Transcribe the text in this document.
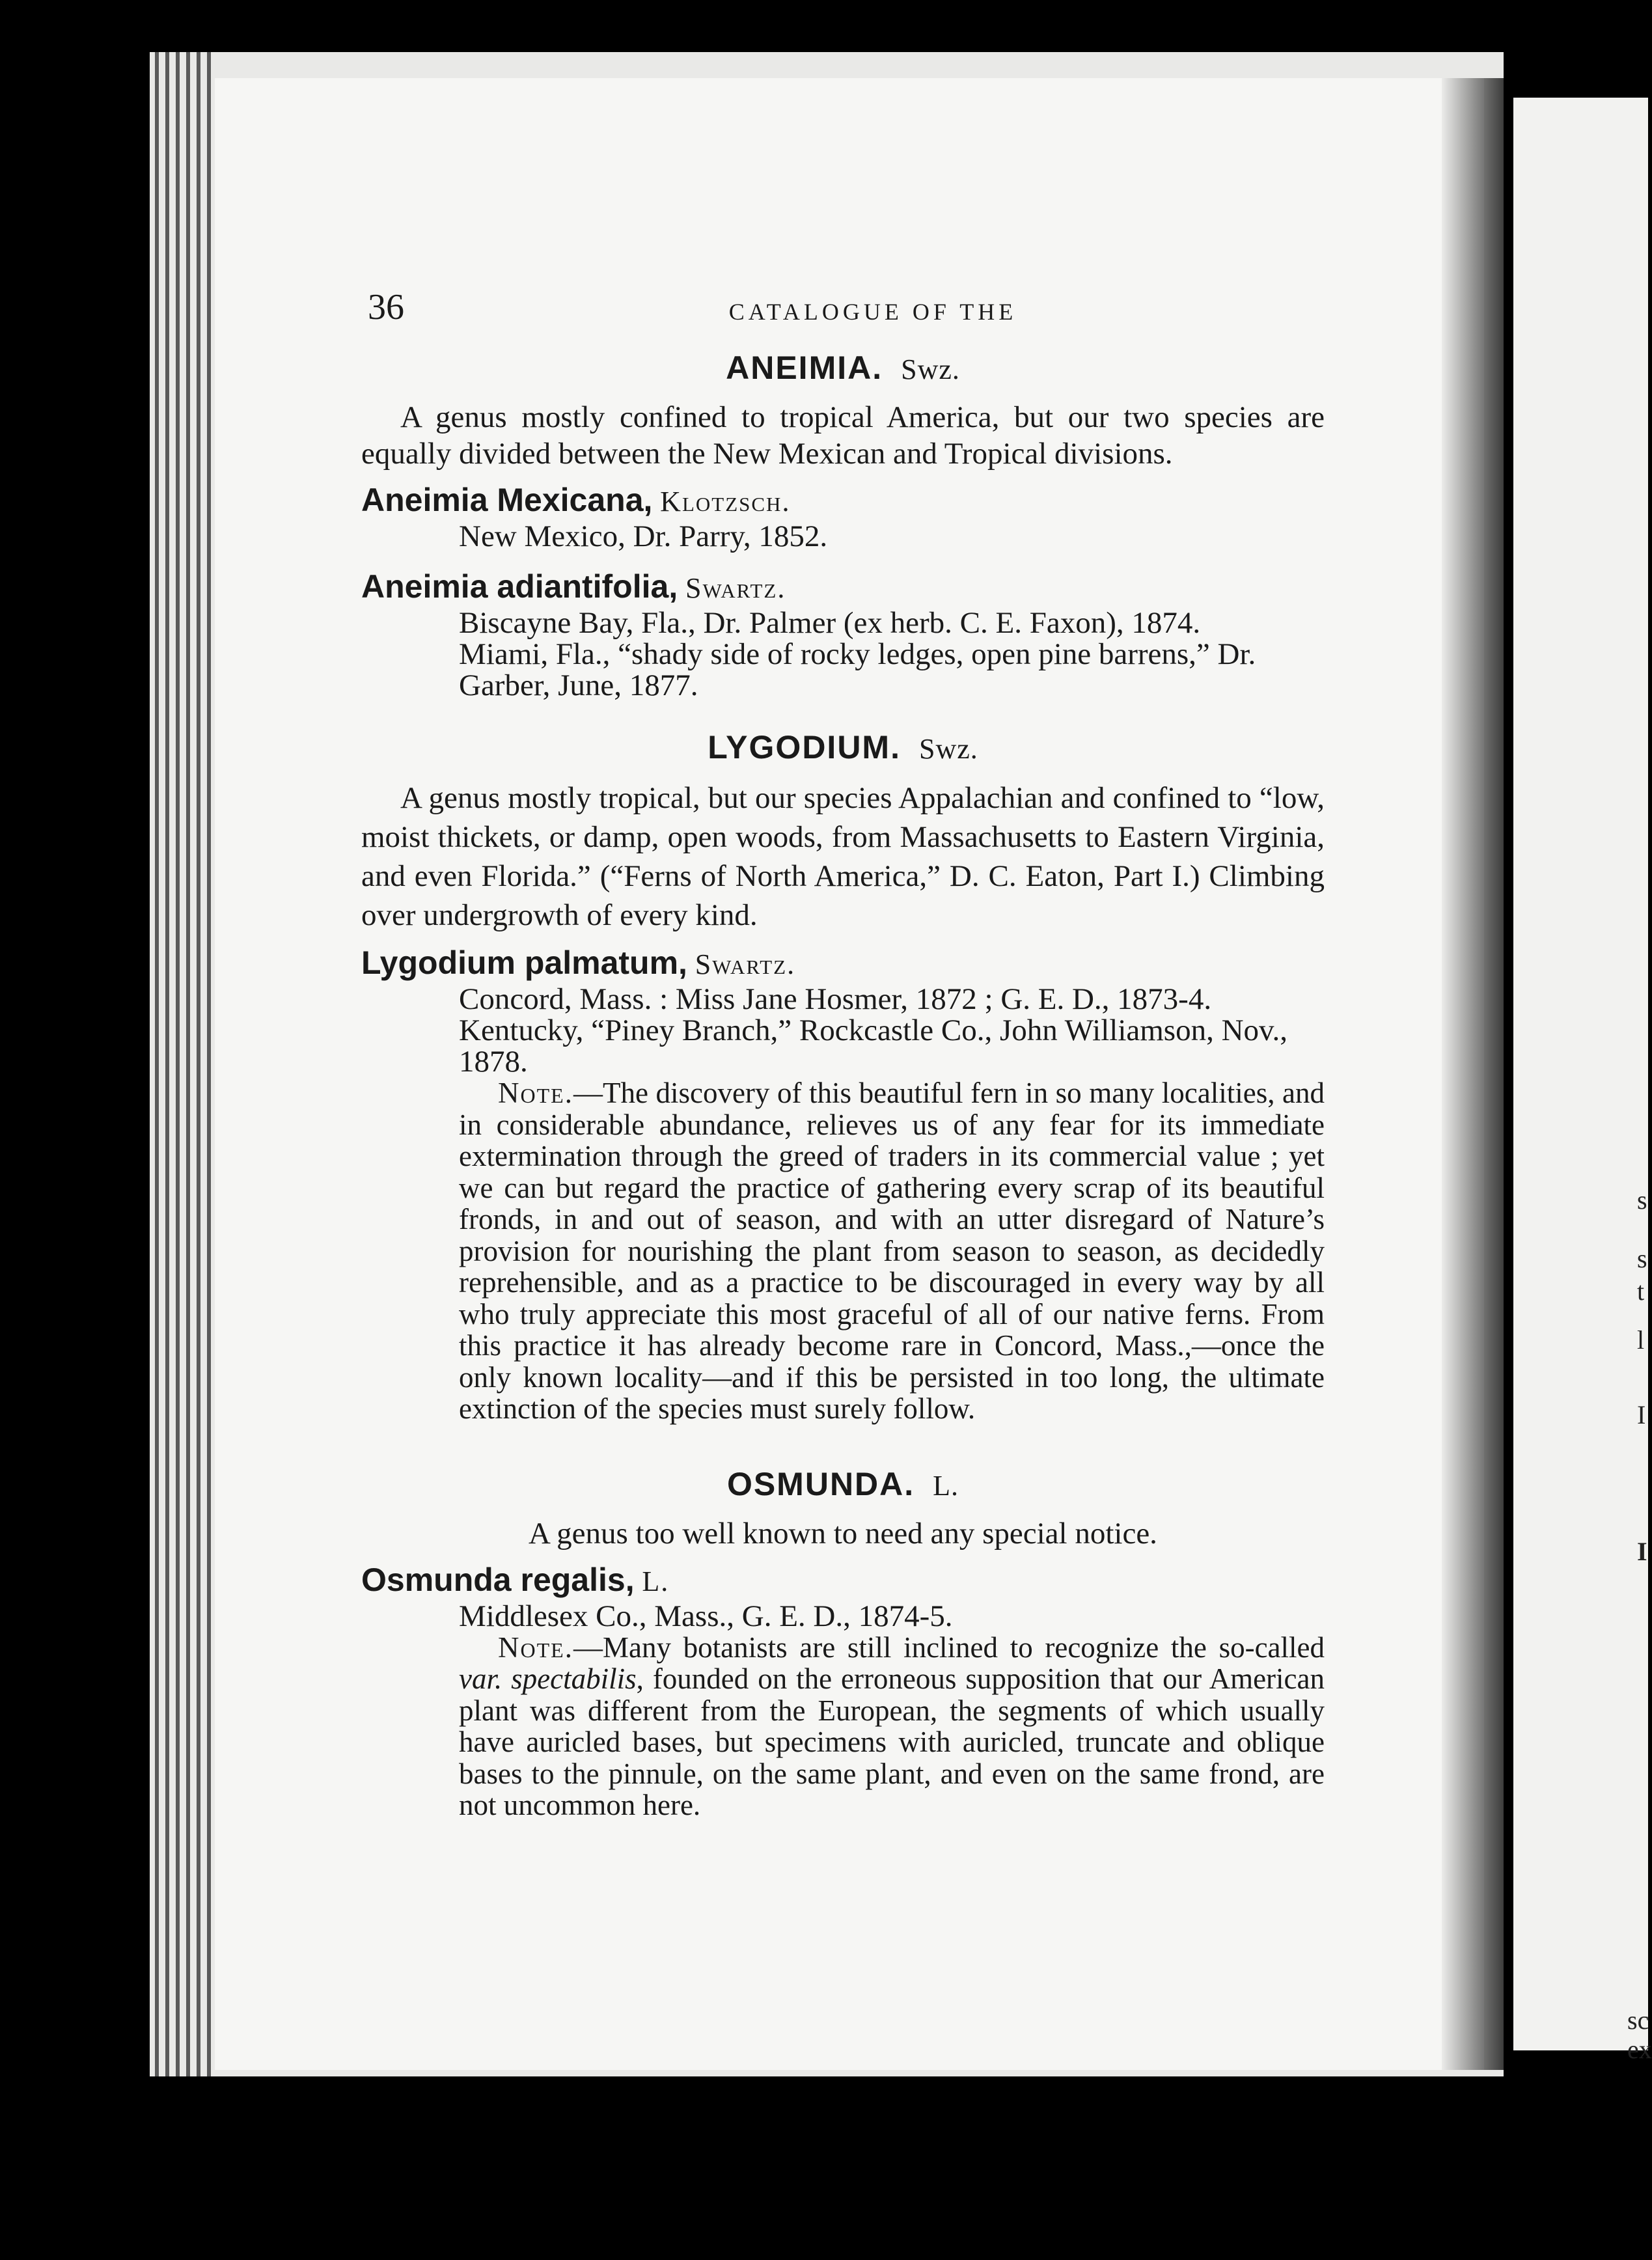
s
s
t
l
I
I
sc
ex
36	CATALOGUE OF THE
ANEIMIA. Swz.

A genus mostly confined to tropical America, but our two species are equally divided between the New Mexican and Tropical divisions.

Aneimia Mexicana, Klotzsch.
New Mexico, Dr. Parry, 1852.
Aneimia adiantifolia, Swartz.
Biscayne Bay, Fla., Dr. Palmer (ex herb. C. E. Faxon), 1874.
Miami, Fla., “shady side of rocky ledges, open pine barrens,” Dr. Garber, June, 1877.
LYGODIUM. Swz.

A genus mostly tropical, but our species Appalachian and confined to “low, moist thickets, or damp, open woods, from Massachusetts to Eastern Virginia, and even Florida.” (“Ferns of North America,” D. C. Eaton, Part I.) Climbing over undergrowth of every kind.

Lygodium palmatum, Swartz.
Concord, Mass. : Miss Jane Hosmer, 1872 ; G. E. D., 1873-4.
Kentucky, “Piney Branch,” Rockcastle Co., John Williamson, Nov., 1878.

Note.—The discovery of this beautiful fern in so many localities, and in considerable abundance, relieves us of any fear for its immediate extermination through the greed of traders in its commercial value ; yet we can but regard the practice of gathering every scrap of its beautiful fronds, in and out of season, and with an utter disregard of Nature’s provision for nourishing the plant from season to season, as decidedly reprehensible, and as a practice to be discouraged in every way by all who truly appreciate this most graceful of all of our native ferns. From this practice it has already become rare in Concord, Mass.,—once the only known locality—and if this be persisted in too long, the ultimate extinction of the species must surely follow.

OSMUNDA. L.

A genus too well known to need any special notice.

Osmunda regalis, L.
Middlesex Co., Mass., G. E. D., 1874-5.

Note.—Many botanists are still inclined to recognize the so-called var. spectabilis, founded on the erroneous supposition that our American plant was different from the European, the segments of which usually have auricled bases, but specimens with auricled, truncate and oblique bases to the pinnule, on the same plant, and even on the same frond, are not uncommon here.
